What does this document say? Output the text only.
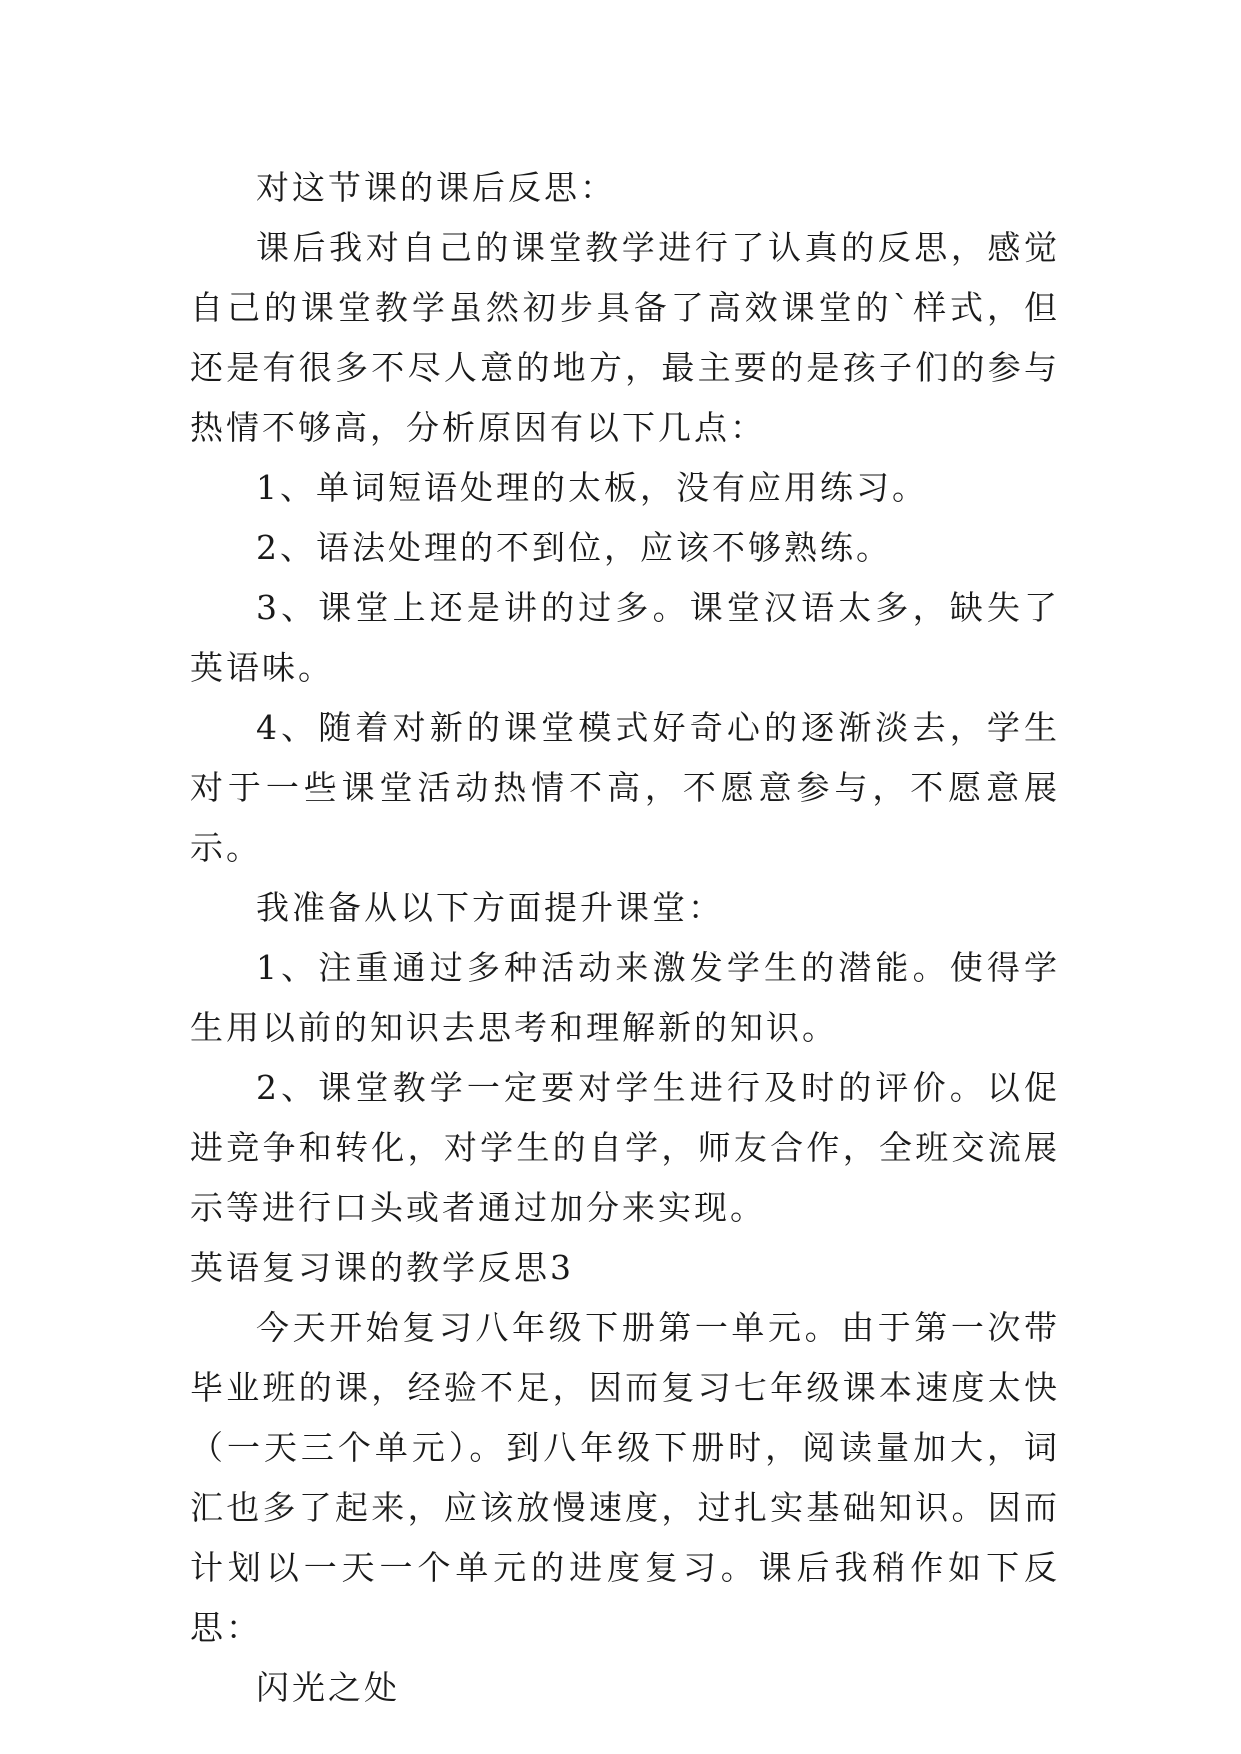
对这节课的课后反思：

课后我对自己的课堂教学进行了认真的反思，感觉自己的课堂教学虽然初步具备了高效课堂的`样式，但还是有很多不尽人意的地方，最主要的是孩子们的参与热情不够高，分析原因有以下几点：

1、单词短语处理的太板，没有应用练习。

2、语法处理的不到位，应该不够熟练。

3、课堂上还是讲的过多。课堂汉语太多，缺失了英语味。

4、随着对新的课堂模式好奇心的逐渐淡去，学生对于一些课堂活动热情不高，不愿意参与，不愿意展示。

我准备从以下方面提升课堂：

1、注重通过多种活动来激发学生的潜能。使得学生用以前的知识去思考和理解新的知识。

2、课堂教学一定要对学生进行及时的评价。以促进竞争和转化，对学生的自学，师友合作，全班交流展示等进行口头或者通过加分来实现。

英语复习课的教学反思3

今天开始复习八年级下册第一单元。由于第一次带毕业班的课，经验不足，因而复习七年级课本速度太快（一天三个单元）。到八年级下册时，阅读量加大，词汇也多了起来，应该放慢速度，过扎实基础知识。因而计划以一天一个单元的进度复习。课后我稍作如下反思：

闪光之处
